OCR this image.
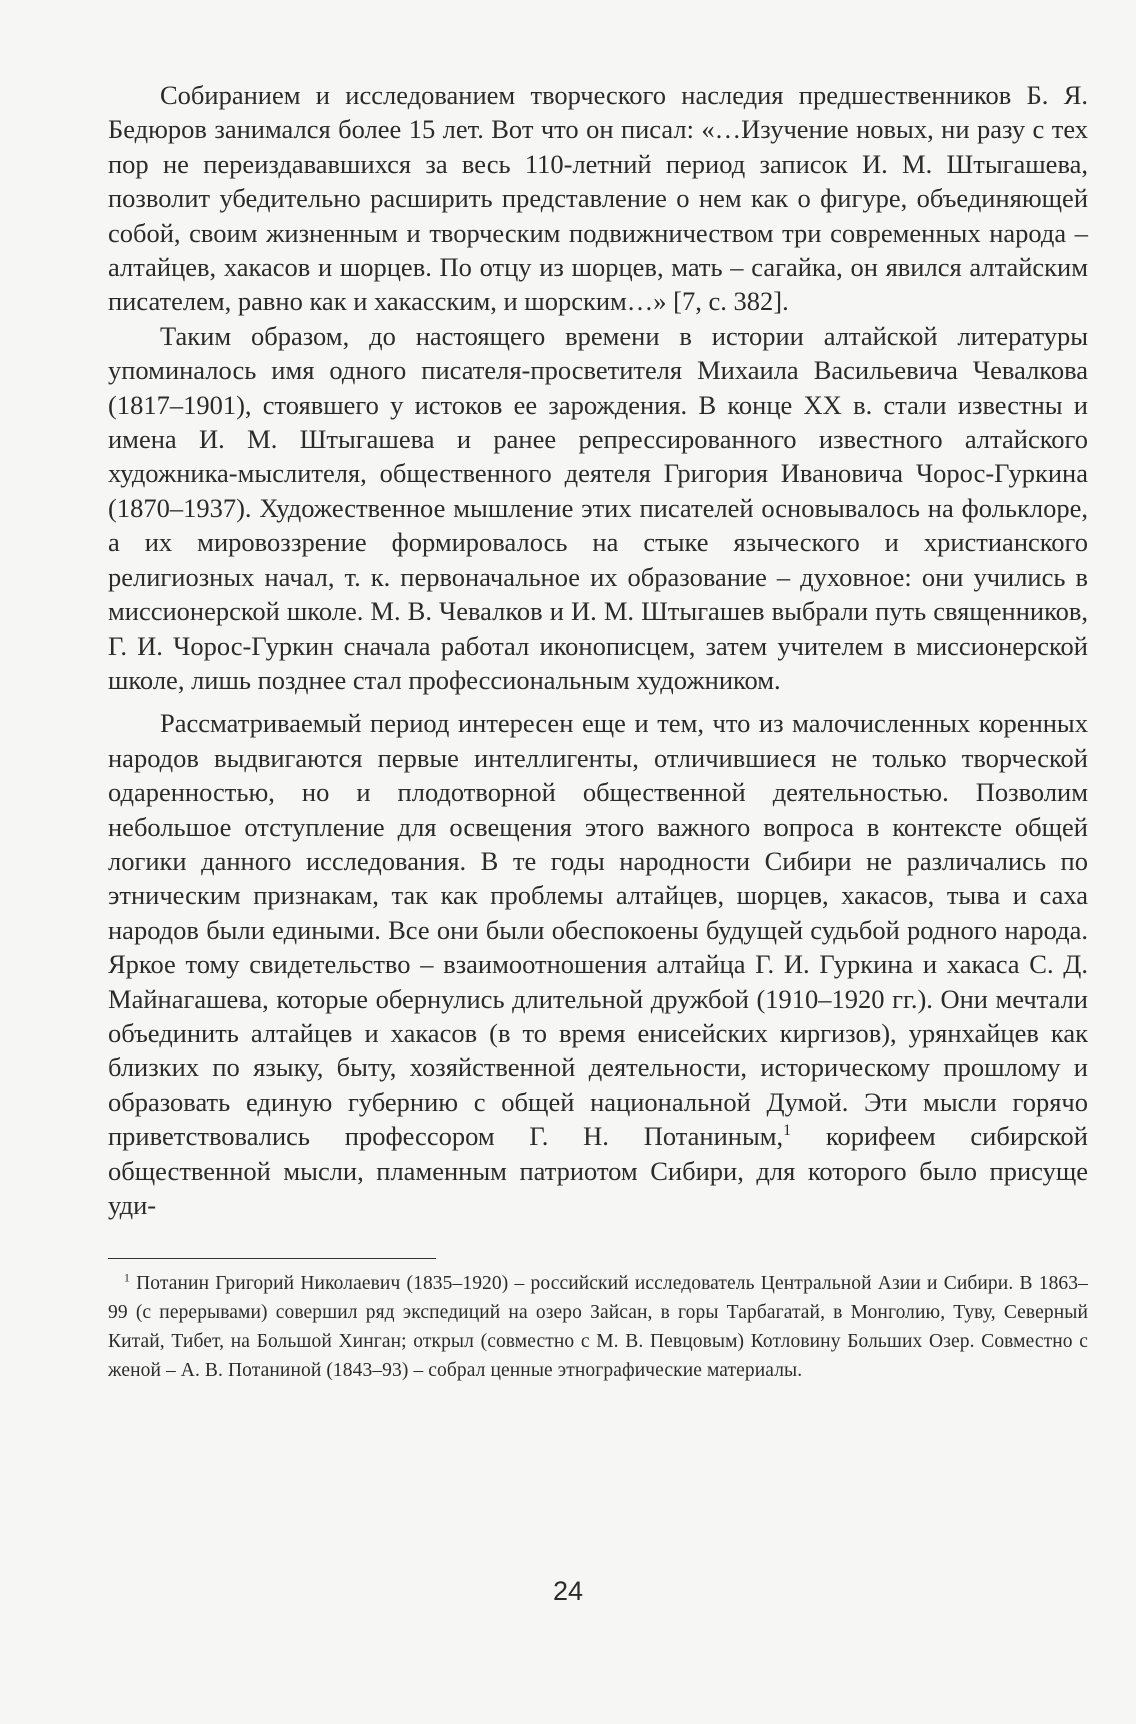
Собиранием и исследованием творческого наследия предшественников Б. Я. Бедюров занимался более 15 лет. Вот что он писал: «…Изучение новых, ни разу с тех пор не переиздававшихся за весь 110-летний период записок И. М. Штыгашева, позволит убедительно расширить представление о нем как о фигуре, объединяющей собой, своим жизненным и творческим подвижничеством три современных народа – алтайцев, хакасов и шорцев. По отцу из шорцев, мать – сагайка, он явился алтайским писателем, равно как и хакасским, и шорским…» [7, с. 382].

Таким образом, до настоящего времени в истории алтайской литературы упоминалось имя одного писателя-просветителя Михаила Васильевича Чевалкова (1817–1901), стоявшего у истоков ее зарождения. В конце XX в. стали известны и имена И. М. Штыгашева и ранее репрессированного известного алтайского художника-мыслителя, общественного деятеля Григория Ивановича Чорос-Гуркина (1870–1937). Художественное мышление этих писателей основывалось на фольклоре, а их мировоззрение формировалось на стыке языческого и христианского религиозных начал, т. к. первоначальное их образование – духовное: они учились в миссионерской школе. М. В. Чевалков и И. М. Штыгашев выбрали путь священников, Г. И. Чорос-Гуркин сначала работал иконописцем, затем учителем в миссионерской школе, лишь позднее стал профессиональным художником.

Рассматриваемый период интересен еще и тем, что из малочисленных коренных народов выдвигаются первые интеллигенты, отличившиеся не только творческой одаренностью, но и плодотворной общественной деятельностью. Позволим небольшое отступление для освещения этого важного вопроса в контексте общей логики данного исследования. В те годы народности Сибири не различались по этническим признакам, так как проблемы алтайцев, шорцев, хакасов, тыва и саха народов были едиными. Все они были обеспокоены будущей судьбой родного народа. Яркое тому свидетельство – взаимоотношения алтайца Г. И. Гуркина и хакаса С. Д. Майнагашева, которые обернулись длительной дружбой (1910–1920 гг.). Они мечтали объединить алтайцев и хакасов (в то время енисейских киргизов), урянхайцев как близких по языку, быту, хозяйственной деятельности, историческому прошлому и образовать единую губернию с общей национальной Думой. Эти мысли горячо приветствовались профессором Г. Н. Потаниным,$^1$ корифеем сибирской общественной мысли, пламенным патриотом Сибири, для которого было присуще уди-

$^1$ Потанин Григорий Николаевич (1835–1920) – российский исследователь Центральной Азии и Сибири. В 1863–99 (с перерывами) совершил ряд экспедиций на озеро Зайсан, в горы Тарбагатай, в Монголию, Туву, Северный Китай, Тибет, на Большой Хинган; открыл (совместно с М. В. Певцовым) Котловину Больших Озер. Совместно с женой – А. В. Потаниной (1843–93) – собрал ценные этнографические материалы.

24
